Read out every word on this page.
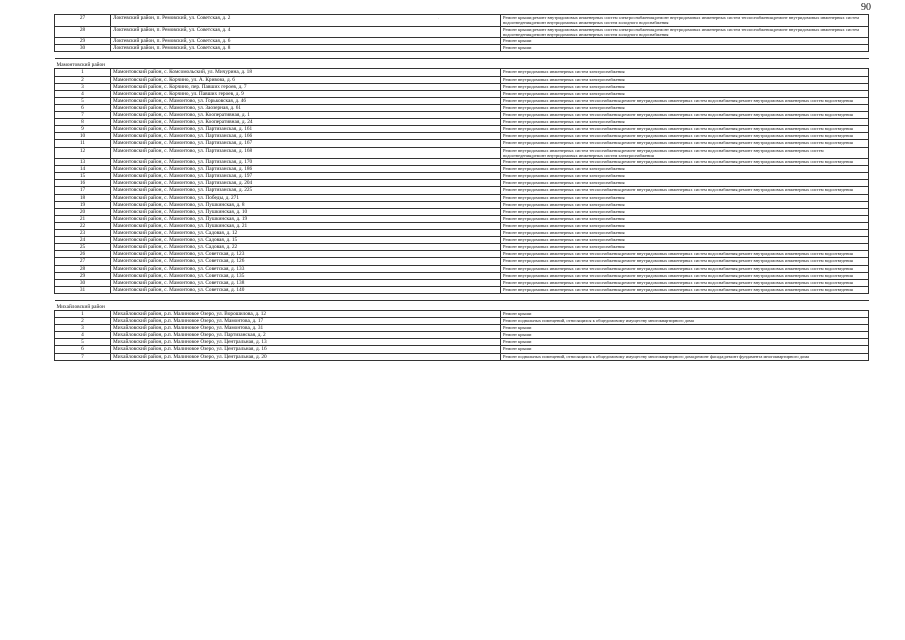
90
·
27	Локтевский район, п. Ремовский, ул. Советская, д. 2	Ремонт крыши;ремонт внутридомовых инженерных систем электроснабжения;ремонт внутридомовых инженерных систем теплоснабжения;ремонт внутридомовых инженерных систем водоотведения;ремонт внутридомовых инженерных систем холодного водоснабжения
28	Локтевский район, п. Ремовский, ул. Советская, д. 4	Ремонт крыши;ремонт внутридомовых инженерных систем электроснабжения;ремонт внутридомовых инженерных систем теплоснабжения;ремонт внутридомовых инженерных систем водоотведения;ремонт внутридомовых инженерных систем холодного водоснабжения
29	Локтевский район, п. Ремовский, ул. Советская, д. 6	Ремонт крыши
30	Локтевский район, п. Ремовский, ул. Советская, д. 8	Ремонт крыши

Мамонтовский район		
1	Мамонтовский район, с. Комсомольский, ул. Мичурина, д. 18	Ремонт внутридомовых инженерных систем электроснабжения
2	Мамонтовский район, с. Корчино, ул. А. Кривова, д. 6	Ремонт внутридомовых инженерных систем электроснабжения
3	Мамонтовский район, с. Корчино, пер. Павших героев, д. 7	Ремонт внутридомовых инженерных систем электроснабжения
4	Мамонтовский район, с. Корчино, ул. Павших героев, д. 9	Ремонт внутридомовых инженерных систем электроснабжения
5	Мамонтовский район, с. Мамонтово, ул. Горьковская, д. 46	Ремонт внутридомовых инженерных систем теплоснабжения;ремонт внутридомовых инженерных систем водоснабжения;ремонт внутридомовых инженерных систем водоотведения
6	Мамонтовский район, с. Мамонтово, ул. Заозерная, д. 61	Ремонт внутридомовых инженерных систем электроснабжения
7	Мамонтовский район, с. Мамонтово, ул. Кооперативная, д. 1	Ремонт внутридомовых инженерных систем теплоснабжения;ремонт внутридомовых инженерных систем водоснабжения;ремонт внутридомовых инженерных систем водоотведения
8	Мамонтовский район, с. Мамонтово, ул. Кооперативная, д. 24	Ремонт внутридомовых инженерных систем электроснабжения
9	Мамонтовский район, с. Мамонтово, ул. Партизанская, д. 161	Ремонт внутридомовых инженерных систем теплоснабжения;ремонт внутридомовых инженерных систем водоснабжения;ремонт внутридомовых инженерных систем водоотведения
10	Мамонтовский район, с. Мамонтово, ул. Партизанская, д. 166	Ремонт внутридомовых инженерных систем теплоснабжения;ремонт внутридомовых инженерных систем водоснабжения;ремонт внутридомовых инженерных систем водоотведения
11	Мамонтовский район, с. Мамонтово, ул. Партизанская, д. 167	Ремонт внутридомовых инженерных систем теплоснабжения;ремонт внутридомовых инженерных систем водоснабжения;ремонт внутридомовых инженерных систем водоотведения
12	Мамонтовский район, с. Мамонтово, ул. Партизанская, д. 168	Ремонт внутридомовых инженерных систем теплоснабжения;ремонт внутридомовых инженерных систем водоснабжения;ремонт внутридомовых инженерных систем водоотведения;ремонт внутридомовых инженерных систем электроснабжения
13	Мамонтовский район, с. Мамонтово, ул. Партизанская, д. 170	Ремонт внутридомовых инженерных систем теплоснабжения;ремонт внутридомовых инженерных систем водоснабжения;ремонт внутридомовых инженерных систем водоотведения
14	Мамонтовский район, с. Мамонтово, ул. Партизанская, д. 186	Ремонт внутридомовых инженерных систем электроснабжения
15	Мамонтовский район, с. Мамонтово, ул. Партизанская, д. 197	Ремонт внутридомовых инженерных систем электроснабжения
16	Мамонтовский район, с. Мамонтово, ул. Партизанская, д. 204	Ремонт внутридомовых инженерных систем электроснабжения
17	Мамонтовский район, с. Мамонтово, ул. Партизанская, д. 225	Ремонт внутридомовых инженерных систем теплоснабжения;ремонт внутридомовых инженерных систем водоснабжения;ремонт внутридомовых инженерных систем водоотведения
18	Мамонтовский район, с. Мамонтово, ул. Победы, д. 271	Ремонт внутридомовых инженерных систем электроснабжения
19	Мамонтовский район, с. Мамонтово, ул. Пушкинская, д. 8	Ремонт внутридомовых инженерных систем электроснабжения
20	Мамонтовский район, с. Мамонтово, ул. Пушкинская, д. 10	Ремонт внутридомовых инженерных систем электроснабжения
21	Мамонтовский район, с. Мамонтово, ул. Пушкинская, д. 19	Ремонт внутридомовых инженерных систем электроснабжения
22	Мамонтовский район, с. Мамонтово, ул. Пушкинская, д. 21	Ремонт внутридомовых инженерных систем электроснабжения
23	Мамонтовский район, с. Мамонтово, ул. Садовая, д. 12	Ремонт внутридомовых инженерных систем электроснабжения
24	Мамонтовский район, с. Мамонтово, ул. Садовая, д. 15	Ремонт внутридомовых инженерных систем электроснабжения
25	Мамонтовский район, с. Мамонтово, ул. Садовая, д. 22	Ремонт внутридомовых инженерных систем электроснабжения
26	Мамонтовский район, с. Мамонтово, ул. Советская, д. 123	Ремонт внутридомовых инженерных систем теплоснабжения;ремонт внутридомовых инженерных систем водоснабжения;ремонт внутридомовых инженерных систем водоотведения
27	Мамонтовский район, с. Мамонтово, ул. Советская, д. 126	Ремонт внутридомовых инженерных систем теплоснабжения;ремонт внутридомовых инженерных систем водоснабжения;ремонт внутридомовых инженерных систем водоотведения
28	Мамонтовский район, с. Мамонтово, ул. Советская, д. 133	Ремонт внутридомовых инженерных систем теплоснабжения;ремонт внутридомовых инженерных систем водоснабжения;ремонт внутридомовых инженерных систем водоотведения
29	Мамонтовский район, с. Мамонтово, ул. Советская, д. 135	Ремонт внутридомовых инженерных систем теплоснабжения;ремонт внутридомовых инженерных систем водоснабжения;ремонт внутридомовых инженерных систем водоотведения
30	Мамонтовский район, с. Мамонтово, ул. Советская, д. 138	Ремонт внутридомовых инженерных систем теплоснабжения;ремонт внутридомовых инженерных систем водоснабжения;ремонт внутридомовых инженерных систем водоотведения
31	Мамонтовский район, с. Мамонтово, ул. Советская, д. 140	Ремонт внутридомовых инженерных систем теплоснабжения;ремонт внутридомовых инженерных систем водоснабжения;ремонт внутридомовых инженерных систем водоотведения

Михайловский район		
1	Михайловский район, р.п. Малиновое Озеро, ул. Ворошилова, д. 12	Ремонт крыши
2	Михайловский район, р.п. Малиновое Озеро, ул. Мамонтова, д. 17	Ремонт подвальных помещений, относящихся к общедомовому имуществу многоквартирного дома
3	Михайловский район, р.п. Малиновое Озеро, ул. Мамонтова, д. 31	Ремонт крыши
4	Михайловский район, р.п. Малиновое Озеро, ул. Партизанская, д. 2	Ремонт крыши
5	Михайловский район, р.п. Малиновое Озеро, ул. Центральная, д. 13	Ремонт крыши
6	Михайловский район, р.п. Малиновое Озеро, ул. Центральная, д. 16	Ремонт крыши
7	Михайловский район, р.п. Малиновое Озеро, ул. Центральная, д. 20	Ремонт подвальных помещений, относящихся к общедомовому имуществу многоквартирного дома;ремонт фасада;ремонт фундамента многоквартирного дома
